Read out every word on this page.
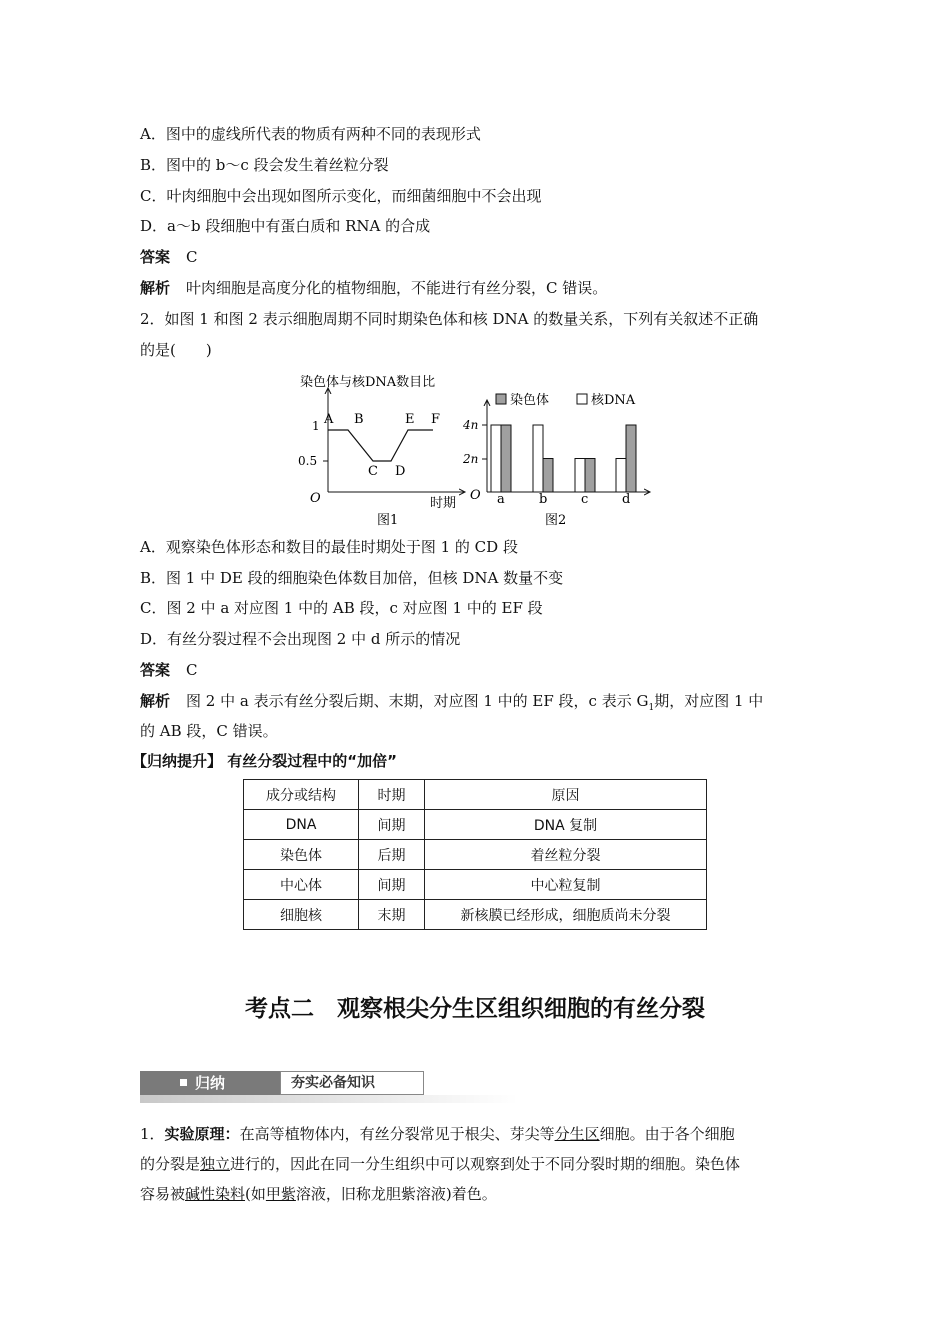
A．图中的虚线所代表的物质有两种不同的表现形式
B．图中的 b～c 段会发生着丝粒分裂
C．叶肉细胞中会出现如图所示变化，而细菌细胞中不会出现
D．a～b 段细胞中有蛋白质和 RNA 的合成
答案 C
解析 叶肉细胞是高度分化的植物细胞，不能进行有丝分裂，C 错误。
2．如图 1 和图 2 表示细胞周期不同时期染色体和核 DNA 的数量关系，下列有关叙述不正确
的是(　　)
染色体与核DNA数目比
1
0.5
O	时期
A B
C D
E F
图1
染色体	核DNA
4n
2n
O a	b	c	d
图2
A．观察染色体形态和数目的最佳时期处于图 1 的 CD 段
B．图 1 中 DE 段的细胞染色体数目加倍，但核 DNA 数量不变
C．图 2 中 a 对应图 1 中的 AB 段，c 对应图 1 中的 EF 段
D．有丝分裂过程不会出现图 2 中 d 所示的情况
答案 C
解析 图 2 中 a 表示有丝分裂后期、末期，对应图 1 中的 EF 段，c 表示 $G_1$期，对应图 1 中
的 AB 段，C 错误。
【归纳提升】 有丝分裂过程中的“加倍”
成分或结构	时期	原因
DNA	间期	DNA 复制
染色体	后期	着丝粒分裂
中心体	间期	中心粒复制
细胞核	末期	新核膜已经形成，细胞质尚未分裂
考点二　观察根尖分生区组织细胞的有丝分裂
归纳	夯实必备知识
1．实验原理：在高等植物体内，有丝分裂常见于根尖、芽尖等分生区细胞。由于各个细胞
的分裂是独立进行的，因此在同一分生组织中可以观察到处于不同分裂时期的细胞。染色体
容易被碱性染料(如甲紫溶液，旧称龙胆紫溶液)着色。
